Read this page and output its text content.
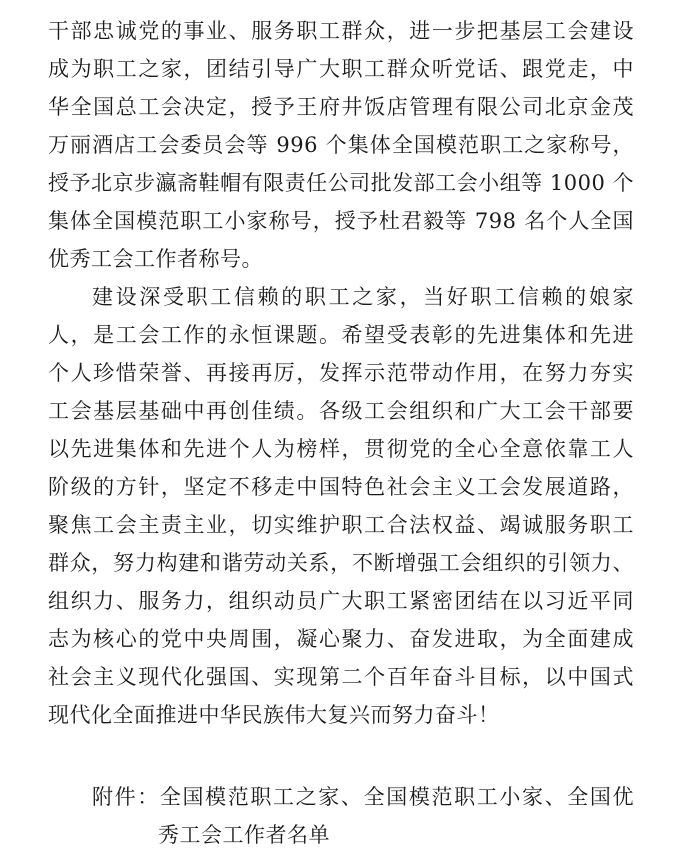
干部忠诚党的事业、服务职工群众，进一步把基层工会建设
成为职工之家，团结引导广大职工群众听党话、跟党走，中
华全国总工会决定，授予王府井饭店管理有限公司北京金茂
万丽酒店工会委员会等 996 个集体全国模范职工之家称号，
授予北京步瀛斋鞋帽有限责任公司批发部工会小组等 1000 个
集体全国模范职工小家称号，授予杜君毅等 798 名个人全国
优秀工会工作者称号。
建设深受职工信赖的职工之家，当好职工信赖的娘家
人，是工会工作的永恒课题。希望受表彰的先进集体和先进
个人珍惜荣誉、再接再厉，发挥示范带动作用，在努力夯实
工会基层基础中再创佳绩。各级工会组织和广大工会干部要
以先进集体和先进个人为榜样，贯彻党的全心全意依靠工人
阶级的方针，坚定不移走中国特色社会主义工会发展道路，
聚焦工会主责主业，切实维护职工合法权益、竭诚服务职工
群众，努力构建和谐劳动关系，不断增强工会组织的引领力、
组织力、服务力，组织动员广大职工紧密团结在以习近平同
志为核心的党中央周围，凝心聚力、奋发进取，为全面建成
社会主义现代化强国、实现第二个百年奋斗目标，以中国式
现代化全面推进中华民族伟大复兴而努力奋斗！
附件：全国模范职工之家、全国模范职工小家、全国优
秀工会工作者名单
